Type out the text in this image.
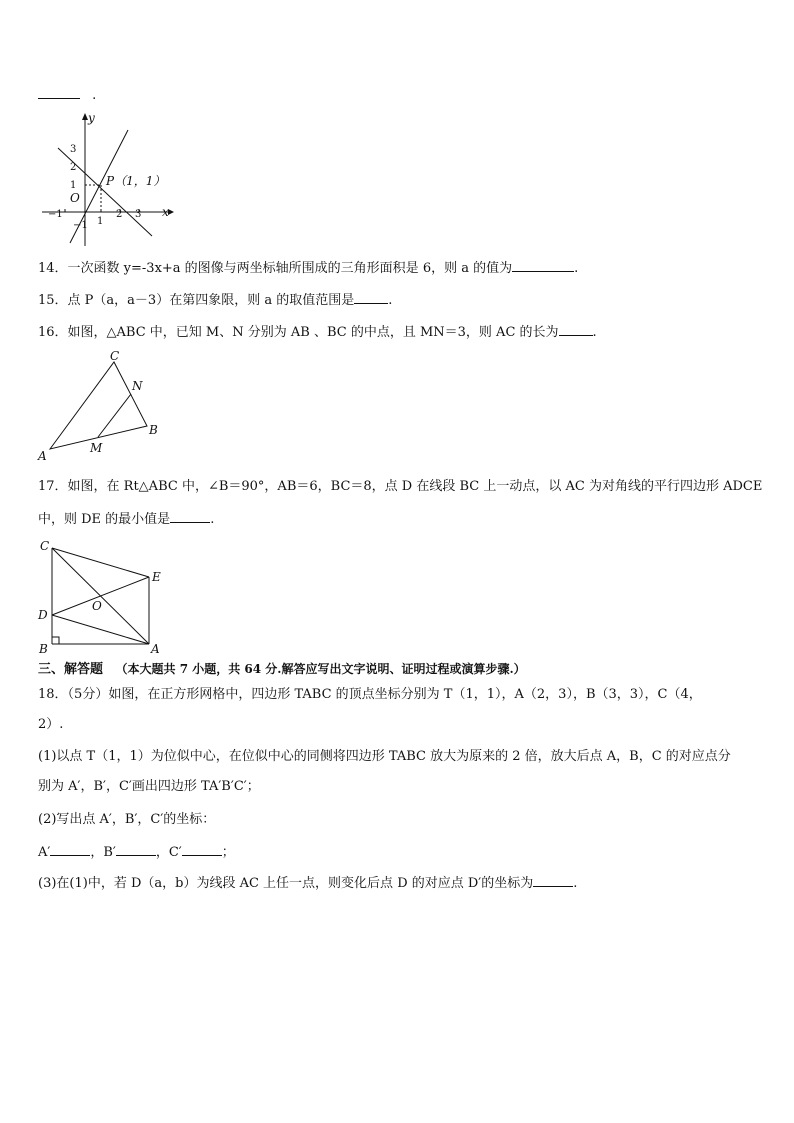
.
y
x
O
−1
1
2 3
3
2
1
−1
P（1，1）
14．一次函数 y=-3x+a 的图像与两坐标轴所围成的三角形面积是 6，则 a 的值为	.
15．点 P（a，a－3）在第四象限，则 a 的取值范围是	.
16．如图，△ABC 中，已知 M、N 分别为 AB 、BC 的中点，且 MN＝3，则 AC 的长为	.
A
B
C
M
N
17．如图，在 Rt△ABC 中，∠B＝90°，AB＝6，BC＝8，点 D 在线段 BC 上一动点，以 AC 为对角线的平行四边形 ADCE
中，则 DE 的最小值是	.
C
E
D
O
B	A
三、解答题 （本大题共 7 小题，共 64 分.解答应写出文字说明、证明过程或演算步骤.）
18．（5分）如图，在正方形网格中，四边形 TABC 的顶点坐标分别为 T（1，1），A（2，3），B（3，3），C（4，
2）.
(1)以点 T（1，1）为位似中心，在位似中心的同侧将四边形 TABC 放大为原来的 2 倍，放大后点 A，B，C 的对应点分
别为 A′，B′，C′画出四边形 TA′B′C′；
(2)写出点 A′，B′，C′的坐标：
A′	，B′	，C′	；
(3)在(1)中，若 D（a，b）为线段 AC 上任一点，则变化后点 D 的对应点 D′的坐标为	.
